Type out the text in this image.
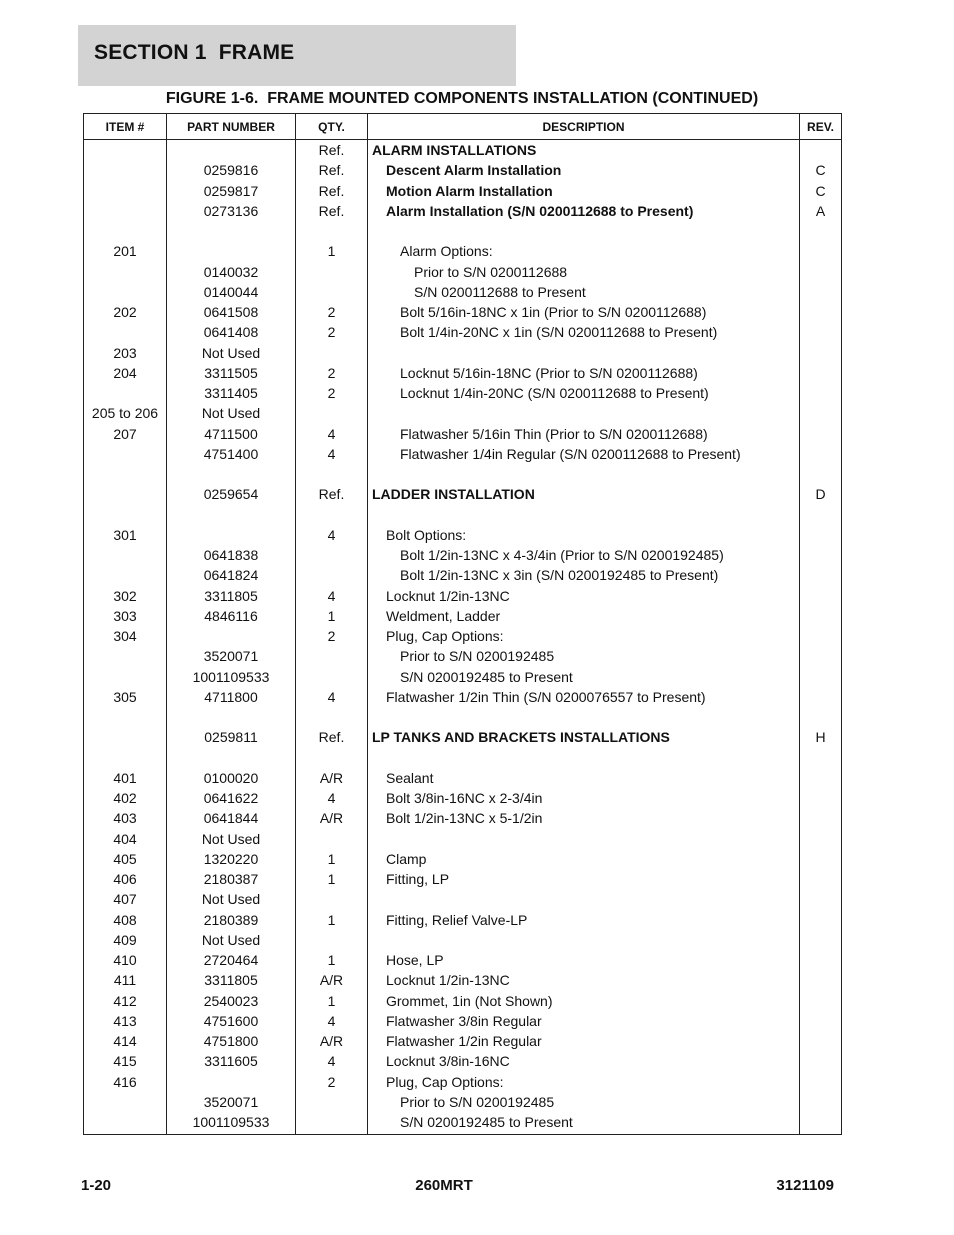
SECTION 1  FRAME
FIGURE 1-6.  FRAME MOUNTED COMPONENTS INSTALLATION (CONTINUED)
ITEM #	PART NUMBER	QTY.	DESCRIPTION	REV.
		Ref.	ALARM INSTALLATIONS	
	0259816	Ref.	Descent Alarm Installation	C
	0259817	Ref.	Motion Alarm Installation	C
	0273136	Ref.	Alarm Installation (S/N 0200112688 to Present)	A

201		1	Alarm Options:	
	0140032		Prior to S/N 0200112688	
	0140044		S/N 0200112688 to Present	
202	0641508	2	Bolt 5/16in-18NC x 1in (Prior to S/N 0200112688)	
	0641408	2	Bolt 1/4in-20NC x 1in (S/N 0200112688 to Present)	
203	Not Used			
204	3311505	2	Locknut 5/16in-18NC (Prior to S/N 0200112688)	
	3311405	2	Locknut 1/4in-20NC (S/N 0200112688 to Present)	
205 to 206	Not Used			
207	4711500	4	Flatwasher 5/16in Thin (Prior to S/N 0200112688)	
	4751400	4	Flatwasher 1/4in Regular (S/N 0200112688 to Present)	

	0259654	Ref.	LADDER INSTALLATION	D

301		4	Bolt Options:	
	0641838		Bolt 1/2in-13NC x 4-3/4in (Prior to S/N 0200192485)	
	0641824		Bolt 1/2in-13NC x 3in (S/N 0200192485 to Present)	
302	3311805	4	Locknut 1/2in-13NC	
303	4846116	1	Weldment, Ladder	
304		2	Plug, Cap Options:	
	3520071		Prior to S/N 0200192485	
	1001109533		S/N 0200192485 to Present	
305	4711800	4	Flatwasher 1/2in Thin (S/N 0200076557 to Present)	

	0259811	Ref.	LP TANKS AND BRACKETS INSTALLATIONS	H

401	0100020	A/R	Sealant	
402	0641622	4	Bolt 3/8in-16NC x 2-3/4in	
403	0641844	A/R	Bolt 1/2in-13NC x 5-1/2in	
404	Not Used			
405	1320220	1	Clamp	
406	2180387	1	Fitting, LP	
407	Not Used			
408	2180389	1	Fitting, Relief Valve-LP	
409	Not Used			
410	2720464	1	Hose, LP	
411	3311805	A/R	Locknut 1/2in-13NC	
412	2540023	1	Grommet, 1in (Not Shown)	
413	4751600	4	Flatwasher 3/8in Regular	
414	4751800	A/R	Flatwasher 1/2in Regular	
415	3311605	4	Locknut 3/8in-16NC	
416		2	Plug, Cap Options:	
	3520071		Prior to S/N 0200192485	
	1001109533		S/N 0200192485 to Present	
1-20	260MRT	3121109
